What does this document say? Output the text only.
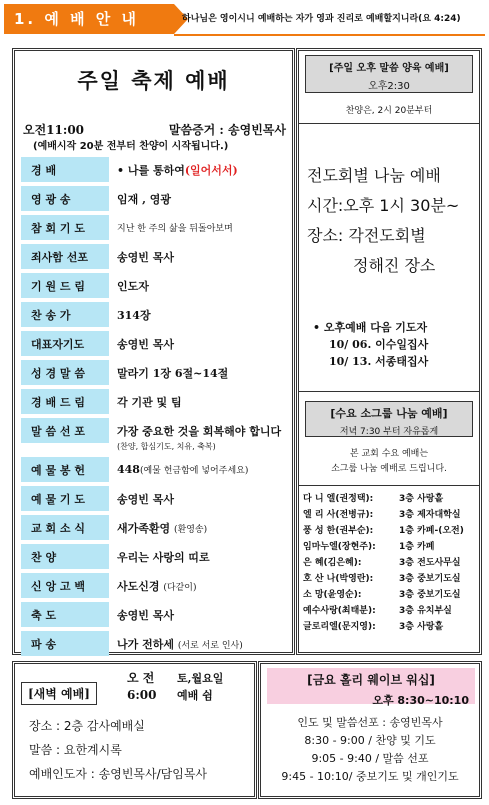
1. 예 배 안 내	하나님은 영이시니 예배하는 자가 영과 진리로 예배할지니라(요 4:24)
주일 축제 예배
오전11:00	말씀증거 : 송영빈목사
(예배시작 20분 전부터 찬양이 시작됩니다.)
경 배	• 나를 통하여(일어서서)
영 광 송	임재 , 영광
참 회 기 도	지난 한 주의 삶을 뒤돌아보며
죄사함 선포	송영빈 목사
기 원 드 림	인도자
찬 송 가	314장
대표자기도	송영빈 목사
성 경 말 씀	말라기 1장 6절~14절
경 배 드 림	각 기관 및 팀
말 씀 선 포	가장 중요한 것을 회복해야 합니다
(찬양, 합심기도, 치유, 축복)
예 물 봉 헌	448(예물 헌금함에 넣어주세요)
예 물 기 도	송영빈 목사
교 회 소 식	새가족환영 (환영송)
찬 양	우리는 사랑의 띠로
신 앙 고 백	사도신경 (다같이)
축 도	송영빈 목사
파 송	나가 전하세 (서로 서로 인사)
[주일 오후 말씀 양육 예배]
오후2:30
찬양은, 2시 20분부터
전도회별 나눔 예배
시간:오후 1시 30분~
장소: 각전도회별
정해진 장소
• 오후예배 다음 기도자
10/ 06. 이수일집사
10/ 13. 서종태집사
[수요 소그룹 나눔 예배]
저녁 7:30 부터 자유롭게
본 교회 수요 예배는
소그룹 나눔 예배로 드립니다.
다 니 엘(권정택):	3층 사랑홀
엘 리 사(전병규):	3층 제자대학실
풍 성 한(권부순):	1층 카페-(오전)
임마누엘(장현주):	1층 카페
은 혜(김은혜):	3층 전도사무실
호 산 나(박영란):	3층 중보기도실
소 망(윤영순):	3층 중보기도실
예수사랑(최태분):	3층 유치부실
글로리엘(문지영):	3층 사랑홀
[새벽 예배]
오 전
6:00
토,월요일
예배 쉼
장소 : 2층 감사예배실
말씀 : 요한계시록
예배인도자 : 송영빈목사/담임목사
[금요 홀리 웨이브 워십]
오후 8:30~10:10
인도 및 말씀선포 : 송영빈목사
8:30 - 9:00 / 찬양 및 기도
9:05 - 9:40 / 말씀 선포
9:45 - 10:10/ 중보기도 및 개인기도
